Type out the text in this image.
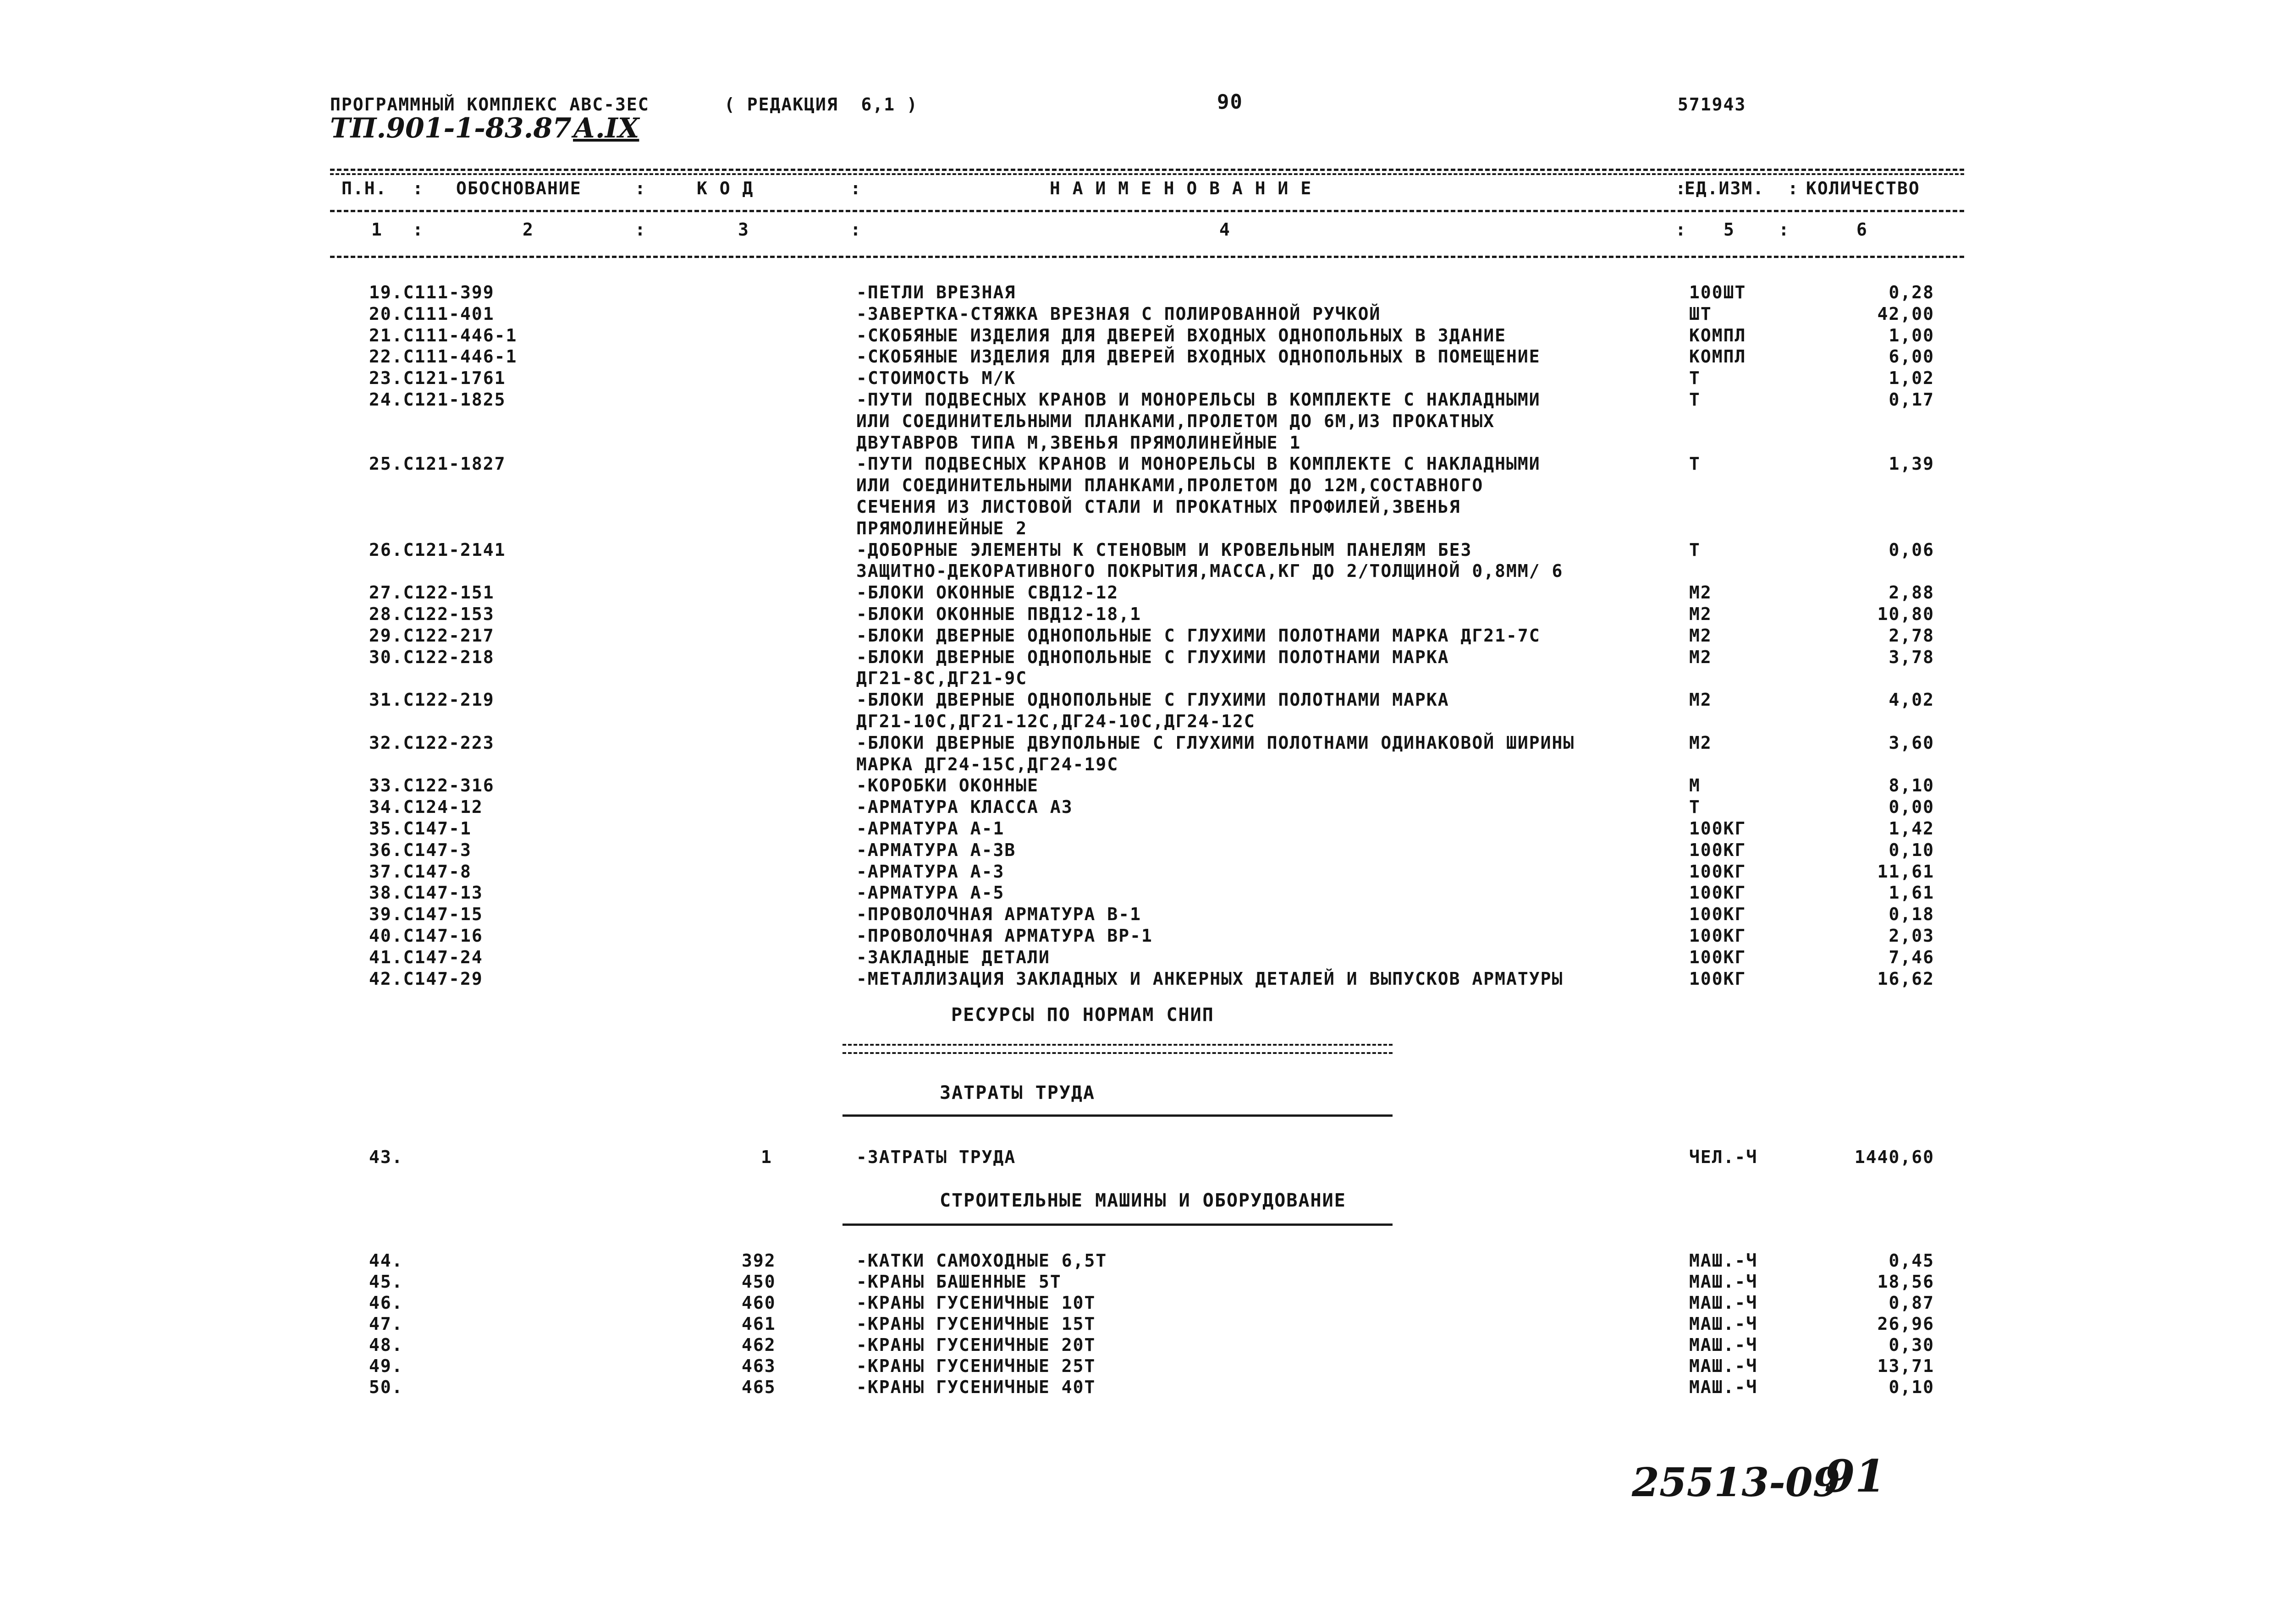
ПРОГРАММНЫЙ КОМПЛЕКС АВС-3ЕС	( РЕДАКЦИЯ  6,1 )	90	571943
ТП.901-1-83.87 А.IX
П.Н. : ОБОСНОВАНИЕ	:	К О Д	:	Н А И М Е Н О В А Н И Е	:
ЕД.ИЗМ. : КОЛИЧЕСТВО
1 :	2	:	3	:	4	: 5	:	6
19.С111-399	-ПЕТЛИ ВРЕЗНАЯ	100ШТ	0,28
20.С111-401	-ЗАВЕРТКА-СТЯЖКА ВРЕЗНАЯ С ПОЛИРОВАННОЙ РУЧКОЙ	ШТ	42,00
21.С111-446-1	-СКОБЯНЫЕ ИЗДЕЛИЯ ДЛЯ ДВЕРЕЙ ВХОДНЫХ ОДНОПОЛЬНЫХ В ЗДАНИЕ	КОМПЛ	1,00
22.С111-446-1	-СКОБЯНЫЕ ИЗДЕЛИЯ ДЛЯ ДВЕРЕЙ ВХОДНЫХ ОДНОПОЛЬНЫХ В ПОМЕЩЕНИЕ	КОМПЛ	6,00
23.С121-1761	-СТОИМОСТЬ М/К	Т	1,02
24.С121-1825	-ПУТИ ПОДВЕСНЫХ КРАНОВ И МОНОРЕЛЬСЫ В КОМПЛЕКТЕ С НАКЛАДНЫМИ
ИЛИ СОЕДИНИТЕЛЬНЫМИ ПЛАНКАМИ,ПРОЛЕТОМ ДО 6М,ИЗ ПРОКАТНЫХ
ДВУТАВРОВ ТИПА М,ЗВЕНЬЯ ПРЯМОЛИНЕЙНЫЕ 1
Т	0,17
25.С121-1827	-ПУТИ ПОДВЕСНЫХ КРАНОВ И МОНОРЕЛЬСЫ В КОМПЛЕКТЕ С НАКЛАДНЫМИ
ИЛИ СОЕДИНИТЕЛЬНЫМИ ПЛАНКАМИ,ПРОЛЕТОМ ДО 12М,СОСТАВНОГО
СЕЧЕНИЯ ИЗ ЛИСТОВОЙ СТАЛИ И ПРОКАТНЫХ ПРОФИЛЕЙ,ЗВЕНЬЯ
ПРЯМОЛИНЕЙНЫЕ 2
Т	1,39
26.С121-2141	-ДОБОРНЫЕ ЭЛЕМЕНТЫ К СТЕНОВЫМ И КРОВЕЛЬНЫМ ПАНЕЛЯМ БЕЗ
ЗАЩИТНО-ДЕКОРАТИВНОГО ПОКРЫТИЯ,МАССА,КГ ДО 2/ТОЛЩИНОЙ 0,8ММ/ 6
Т	0,06
27.С122-151	-БЛОКИ ОКОННЫЕ СВД12-12	М2	2,88
28.С122-153	-БЛОКИ ОКОННЫЕ ПВД12-18,1	М2	10,80
29.С122-217	-БЛОКИ ДВЕРНЫЕ ОДНОПОЛЬНЫЕ С ГЛУХИМИ ПОЛОТНАМИ МАРКА ДГ21-7С	М2	2,78
30.С122-218	-БЛОКИ ДВЕРНЫЕ ОДНОПОЛЬНЫЕ С ГЛУХИМИ ПОЛОТНАМИ МАРКА
ДГ21-8С,ДГ21-9С
М2	3,78
31.С122-219	-БЛОКИ ДВЕРНЫЕ ОДНОПОЛЬНЫЕ С ГЛУХИМИ ПОЛОТНАМИ МАРКА
ДГ21-10С,ДГ21-12С,ДГ24-10С,ДГ24-12С
М2	4,02
32.С122-223	-БЛОКИ ДВЕРНЫЕ ДВУПОЛЬНЫЕ С ГЛУХИМИ ПОЛОТНАМИ ОДИНАКОВОЙ ШИРИНЫ
МАРКА ДГ24-15С,ДГ24-19С
М2	3,60
33.С122-316	-КОРОБКИ ОКОННЫЕ	М	8,10
34.С124-12	-АРМАТУРА КЛАССА А3	Т	0,00
35.С147-1	-АРМАТУРА А-1	100КГ	1,42
36.С147-3	-АРМАТУРА А-3В	100КГ	0,10
37.С147-8	-АРМАТУРА А-3	100КГ	11,61
38.С147-13	-АРМАТУРА А-5	100КГ	1,61
39.С147-15	-ПРОВОЛОЧНАЯ АРМАТУРА В-1	100КГ	0,18
40.С147-16	-ПРОВОЛОЧНАЯ АРМАТУРА ВР-1	100КГ	2,03
41.С147-24	-ЗАКЛАДНЫЕ ДЕТАЛИ	100КГ	7,46
42.С147-29	-МЕТАЛЛИЗАЦИЯ ЗАКЛАДНЫХ И АНКЕРНЫХ ДЕТАЛЕЙ И ВЫПУСКОВ АРМАТУРЫ	100КГ	16,62
РЕСУРСЫ ПО НОРМАМ СНИП
ЗАТРАТЫ ТРУДА
43.	1	-ЗАТРАТЫ ТРУДА	ЧЕЛ.-Ч	1440,60
СТРОИТЕЛЬНЫЕ МАШИНЫ И ОБОРУДОВАНИЕ
44.	392	-КАТКИ САМОХОДНЫЕ 6,5Т	МАШ.-Ч	0,45
45.	450	-КРАНЫ БАШЕННЫЕ 5Т	МАШ.-Ч	18,56
46.	460	-КРАНЫ ГУСЕНИЧНЫЕ 10Т	МАШ.-Ч	0,87
47.	461	-КРАНЫ ГУСЕНИЧНЫЕ 15Т	МАШ.-Ч	26,96
48.	462	-КРАНЫ ГУСЕНИЧНЫЕ 20Т	МАШ.-Ч	0,30
49.	463	-КРАНЫ ГУСЕНИЧНЫЕ 25Т	МАШ.-Ч	13,71
50.	465	-КРАНЫ ГУСЕНИЧНЫЕ 40Т	МАШ.-Ч	0,10
25513-09
91
